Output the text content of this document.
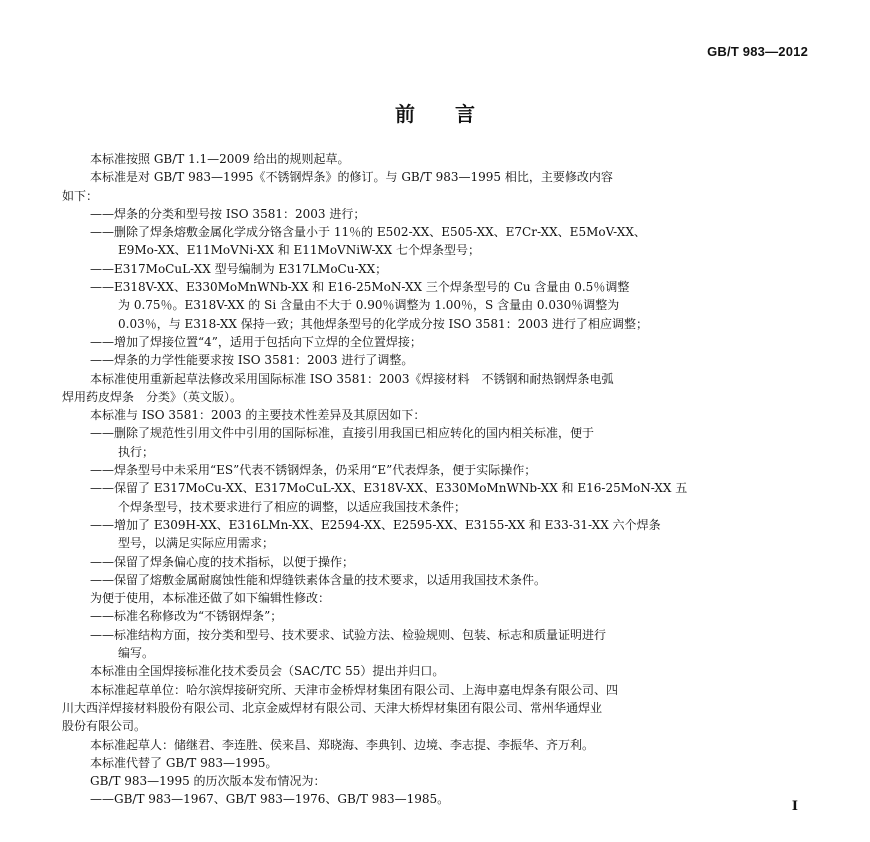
GB/T 983—2012
前言

本标准按照 GB/T 1.1—2009 给出的规则起草。

本标准是对 GB/T 983—1995《不锈钢焊条》的修订。与 GB/T 983—1995 相比，主要修改内容

如下：

——焊条的分类和型号按 ISO 3581：2003 进行；

——删除了焊条熔敷金属化学成分铬含量小于 11％的 E502-XX、E505-XX、E7Cr-XX、E5MoV-XX、

E9Mo-XX、E11MoVNi-XX 和 E11MoVNiW-XX 七个焊条型号；

——E317MoCuL-XX 型号编制为 E317LMoCu-XX；

——E318V-XX、E330MoMnWNb-XX 和 E16-25MoN-XX 三个焊条型号的 Cu 含量由 0.5％调整

为 0.75％。E318V-XX 的 Si 含量由不大于 0.90％调整为 1.00％，S 含量由 0.030％调整为

0.03％，与 E318-XX 保持一致；其他焊条型号的化学成分按 ISO 3581：2003 进行了相应调整；

——增加了焊接位置“4”，适用于包括向下立焊的全位置焊接；

——焊条的力学性能要求按 ISO 3581：2003 进行了调整。

本标准使用重新起草法修改采用国际标准 ISO 3581：2003《焊接材料　不锈钢和耐热钢焊条电弧

焊用药皮焊条　分类》（英文版）。

本标准与 ISO 3581：2003 的主要技术性差异及其原因如下：

——删除了规范性引用文件中引用的国际标准，直接引用我国已相应转化的国内相关标准，便于

执行；

——焊条型号中未采用“ES”代表不锈钢焊条，仍采用“E”代表焊条，便于实际操作；

——保留了 E317MoCu-XX、E317MoCuL-XX、E318V-XX、E330MoMnWNb-XX 和 E16-25MoN-XX 五

个焊条型号，技术要求进行了相应的调整，以适应我国技术条件；

——增加了 E309H-XX、E316LMn-XX、E2594-XX、E2595-XX、E3155-XX 和 E33-31-XX 六个焊条

型号，以满足实际应用需求；

——保留了焊条偏心度的技术指标，以便于操作；

——保留了熔敷金属耐腐蚀性能和焊缝铁素体含量的技术要求，以适用我国技术条件。

为便于使用，本标准还做了如下编辑性修改：

——标准名称修改为“不锈钢焊条”；

——标准结构方面，按分类和型号、技术要求、试验方法、检验规则、包装、标志和质量证明进行

编写。

本标准由全国焊接标准化技术委员会（SAC/TC 55）提出并归口。

本标准起草单位：哈尔滨焊接研究所、天津市金桥焊材集团有限公司、上海申嘉电焊条有限公司、四

川大西洋焊接材料股份有限公司、北京金威焊材有限公司、天津大桥焊材集团有限公司、常州华通焊业

股份有限公司。

本标准起草人：储继君、李连胜、侯来昌、郑晓海、李典钊、边境、李志提、李振华、齐万利。

本标准代替了 GB/T 983—1995。

GB/T 983—1995 的历次版本发布情况为：

——GB/T 983—1967、GB/T 983—1976、GB/T 983—1985。	I
